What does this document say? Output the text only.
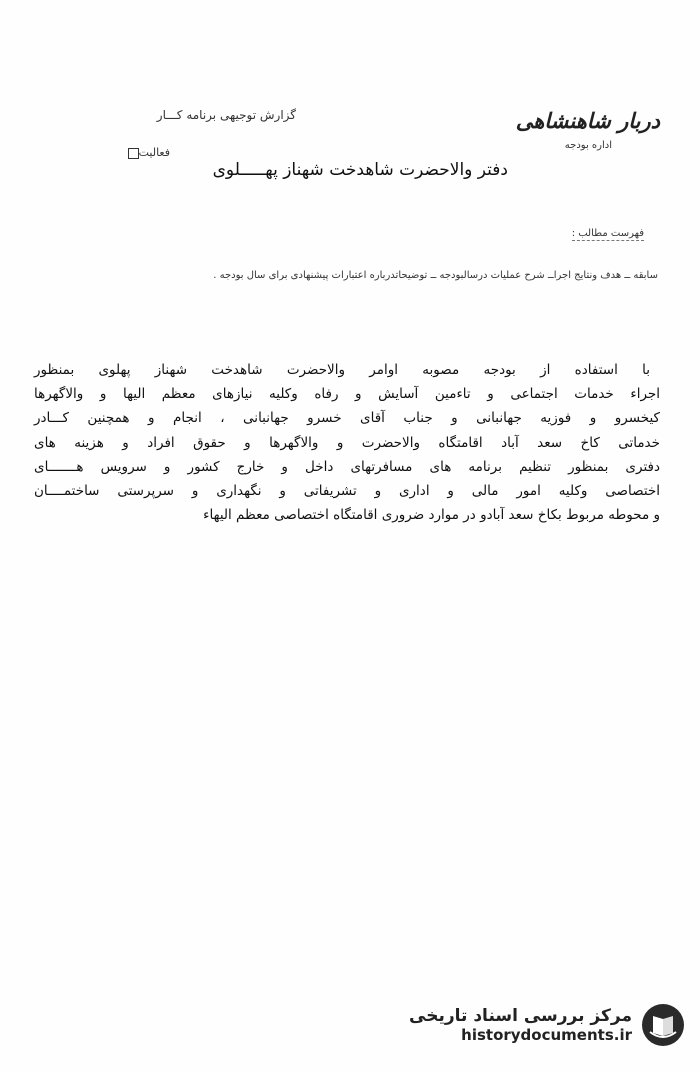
دربار شاهنشاهی
اداره بودجه
گزارش توجیهی برنامه کـــار
فعالیت
دفتر والاحضرت شاهدخت شهناز پهـــــلوی
فهرست مطالب :
سابقه ــ هدف ونتایج اجراــ شرح عملیات درسالبودجه ــ توضیحاتدرباره اعتبارات پیشنهادی برای سال بودجه .
با استفاده از بودجه مصوبه اوامر والاحضرت شاهدخت شهناز پهلوی بمنظور
اجراء خدمات اجتماعی و تاءمین آسایش و رفاه وکلیه نیازهای معظم الیها و والاگهرها
کیخسرو و فوزیه جهانبانی و جناب آقای خسرو جهانبانی ، انجام و همچنین کـــادر
خدماتی کاخ سعد آباد اقامتگاه والاحضرت و والاگهرها و حقوق افراد و هزینه های
دفتری بمنظور تنظیم برنامه های مسافرتهای داخل و خارج کشور و سرویس هـــــــای
اختصاصی وکلیه امور مالی و اداری و تشریفاتی و نگهداری و سرپرستی ساختمــــان
و محوطه مربوط بکاخ سعد آبادو در موارد ضروری اقامتگاه اختصاصی معظم الیهاء
مرکز بررسی اسناد تاریخی
historydocuments.ir
